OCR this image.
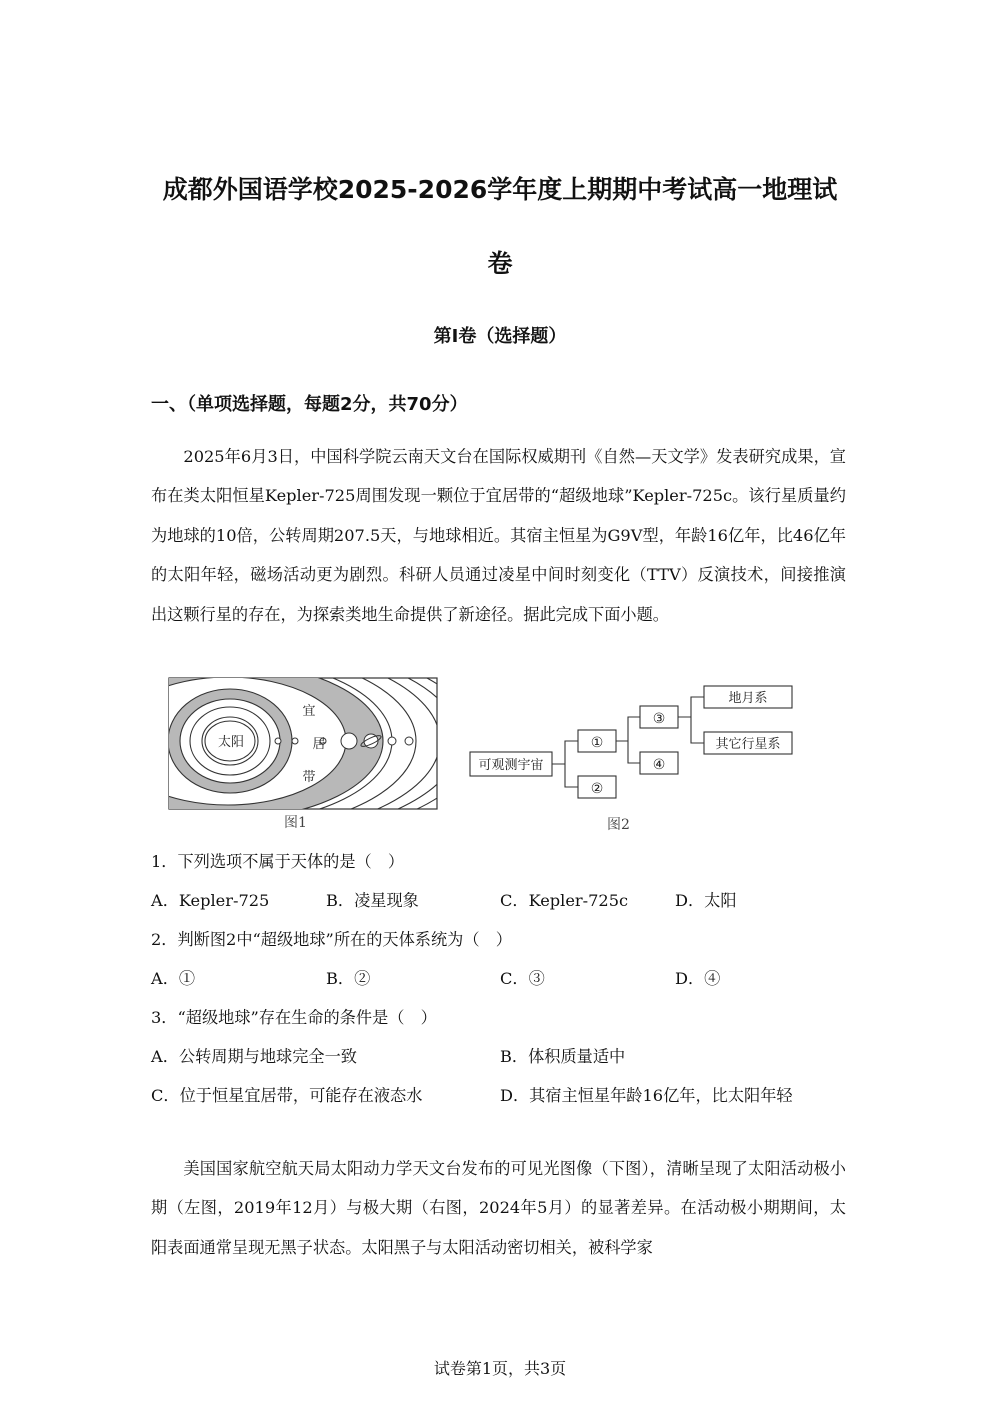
成都外国语学校2025-2026学年度上期期中考试高一地理试
卷
第I卷（选择题）
一、（单项选择题，每题2分，共70分）
2025年6月3日，中国科学院云南天文台在国际权威期刊《自然—天文学》发表研究成果，宣布在类太阳恒星Kepler-725周围发现一颗位于宜居带的“超级地球”Kepler-725c。该行星质量约为地球的10倍，公转周期207.5天，与地球相近。其宿主恒星为G9V型，年龄16亿年，比46亿年的太阳年轻，磁场活动更为剧烈。科研人员通过凌星中间时刻变化（TTV）反演技术，间接推演出这颗行星的存在，为探索类地生命提供了新途径。据此完成下面小题。
太阳
宜
居
带
图1
可观测宇宙
①
②
③
④
地月系
其它行星系
图2
1．下列选项不属于天体的是（　）
A．Kepler-725	B．凌星现象	C．Kepler-725c	D．太阳
2．判断图2中“超级地球”所在的天体系统为（　）
A．①	B．②	C．③	D．④
3．“超级地球”存在生命的条件是（　）
A．公转周期与地球完全一致	B．体积质量适中
C．位于恒星宜居带，可能存在液态水	D．其宿主恒星年龄16亿年，比太阳年轻
美国国家航空航天局太阳动力学天文台发布的可见光图像（下图），清晰呈现了太阳活动极小期（左图，2019年12月）与极大期（右图，2024年5月）的显著差异。在活动极小期期间，太阳表面通常呈现无黑子状态。太阳黑子与太阳活动密切相关，被科学家
试卷第1页，共3页
